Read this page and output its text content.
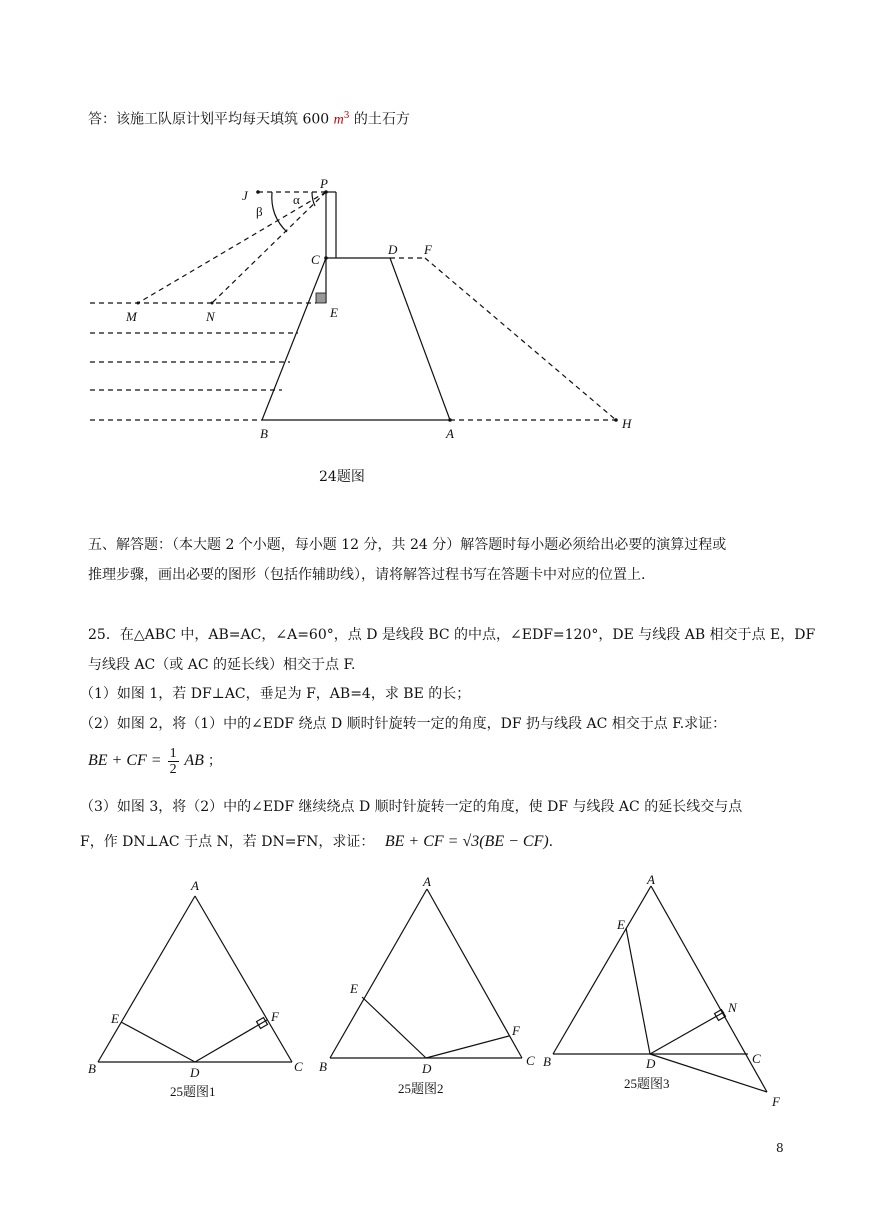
答：该施工队原计划平均每天填筑 600 $m^3$ 的土石方
P
J	α
β
C
D F
E
M	N
B	A
H
24题图
五、解答题：（本大题 2 个小题，每小题 12 分，共 24 分）解答题时每小题必须给出必要的演算过程或
推理步骤，画出必要的图形（包括作辅助线），请将解答过程书写在答题卡中对应的位置上.
25．在△ABC 中，AB=AC，∠A=60°，点 D 是线段 BC 的中点，∠EDF=120°，DE 与线段 AB 相交于点 E，DF
与线段 AC（或 AC 的延长线）相交于点 F.
（1）如图 1，若 DF⊥AC，垂足为 F，AB=4，求 BE 的长；
（2）如图 2，将（1）中的∠EDF 绕点 D 顺时针旋转一定的角度，DF 扔与线段 AC 相交于点 F.求证：
BE + CF = $\frac{1}{2}$ AB ；
（3）如图 3，将（2）中的∠EDF 继续绕点 D 顺时针旋转一定的角度，使 DF 与线段 AC 的延长线交与点
F，作 DN⊥AC 于点 N，若 DN=FN，求证： BE + CF = √3(BE − CF).
A
E	F
B	D	C
25题图1
A
E
F
B	D
C
25题图2
A
E
N
B	D	C
F
25题图3
8
